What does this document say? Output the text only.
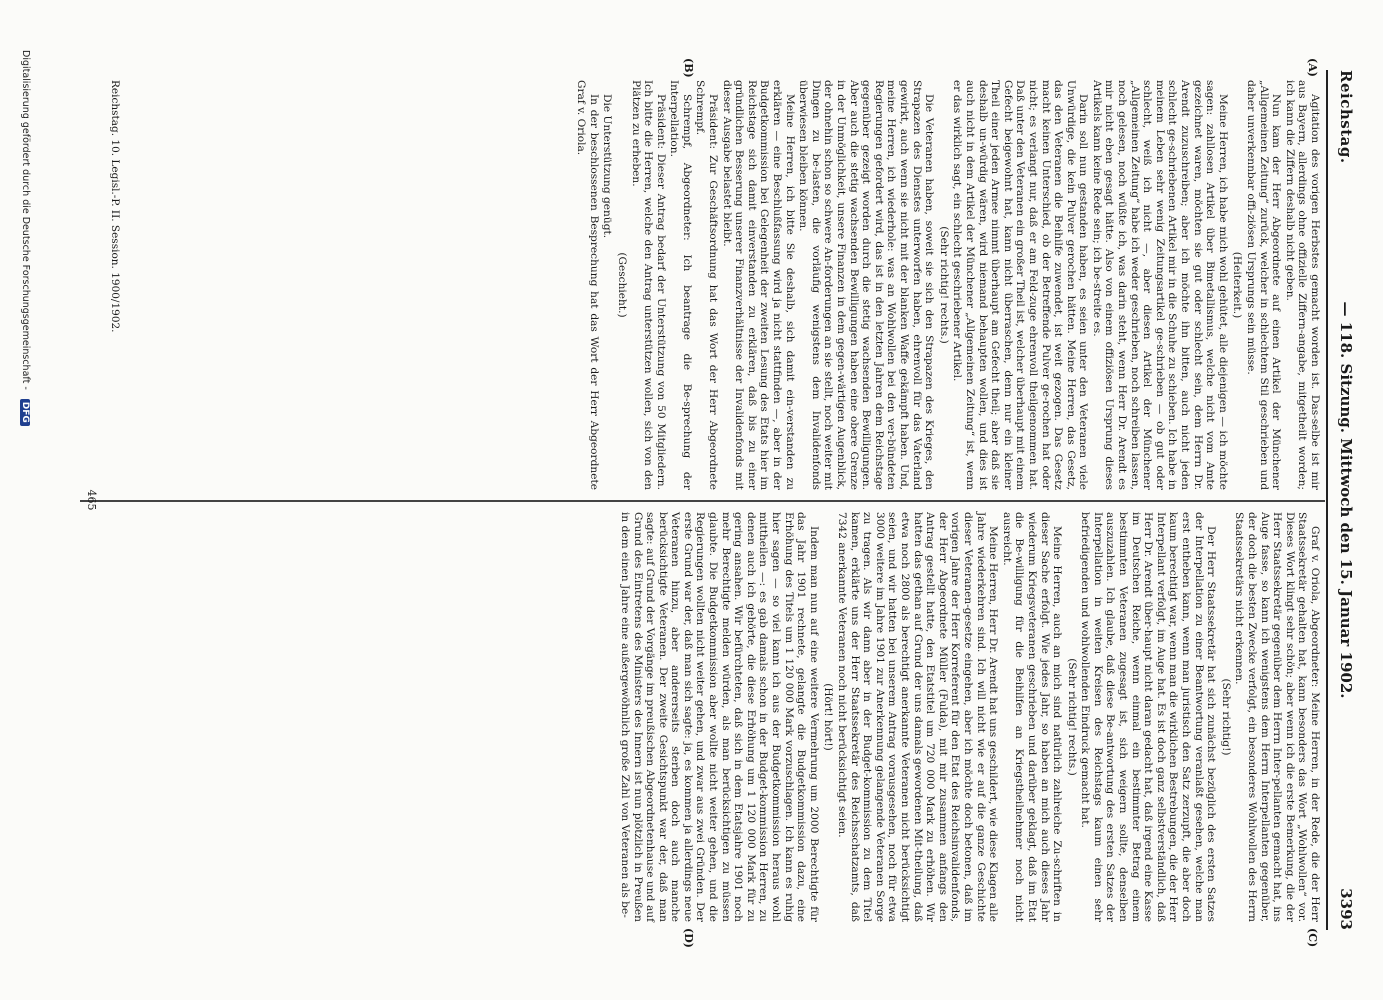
Reichstag.
— 118. Sitzung. Mittwoch den 15. Januar 1902.
3393
(A)
(B)
(C)
(D)

Agitation des vorigen Herbstes gemacht worden ist. Das-selbe ist mir aus Bayern, allerdings ohne offizielle Ziffern-angabe, mitgetheilt worden; ich kann die Ziffern deshalb nicht geben.

Nun kam der Herr Abgeordnete auf einen Artikel der Münchener „Allgemeinen Zeitung“ zurück, welcher in schlechtem Stil geschrieben und daher unverkennbar offi-ziösen Ursprungs sein müsse.

(Heiterkeit.)

Meine Herren, ich habe mich wohl gehütet, alle diejenigen — ich möchte sagen: zahllosen Artikel über Bimetallismus, welche nicht vom Amte gezeichnet waren, möchten sie gut oder schlecht sein, dem Herrn Dr. Arendt zuzuschreiben; aber ich möchte ihn bitten, auch nicht jeden schlecht ge-schriebenen Artikel mir in die Schuhe zu schieben. Ich habe in meinem Leben sehr wenig Zeitungsartikel ge-schrieben — ob gut oder schlecht, weiß ich nicht —, aber diesen Artikel der Münchener „Allgemeinen Zeitung“ habe ich weder geschrieben, noch schreiben lassen, noch gelesen, noch wüßte ich, was darin steht, wenn Herr Dr. Arendt es mir nicht eben gesagt hätte. Also von einem offiziösen Ursprung dieses Artikels kann keine Rede sein; ich be-streite es.

Darin soll nun gestanden haben, es seien unter den Veteranen viele Unwürdige, die kein Pulver gerochen hätten. Meine Herren, das Gesetz, das den Veteranen die Beihilfe zuwendet, ist weit gezogen. Das Gesetz macht keinen Unterschied, ob der Betreffende Pulver ge-rochen hat oder nicht; es verlangt nur, daß er am Feld-zuge ehrenvoll theilgenommen hat. Daß unter den Veteranen ein großer Theil ist, welcher überhaupt mit einem Gefecht beigewohnt hat, kann nicht überraschen, denn nur ein kleiner Theil einer jeden Armee nimmt überhaupt am Gefecht theil; aber daß sie deshalb un-würdig wären, wird niemand behaupten wollen, und dies ist auch nicht in dem Artikel der Münchener „Allgemeinen Zeitung“ ist, wenn er das wirklich sagt, ein schlecht geschriebener Artikel.

(Sehr richtig! rechts.)

Die Veteranen haben, soweit sie sich den Strapazen des Krieges, den Strapazen des Dienstes unterworfen haben, ehrenvoll für das Vaterland gewirkt, auch wenn sie nicht mit der blanken Waffe gekämpft haben. Und, meine Herren, ich wiederhole: was an Wohlwollen bei den ver-bündeten Regierungen gefordert wird, das ist in den letzten Jahren dem Reichstage gegenüber gezeigt worden durch die stetig wachsenden Bewilligungen. Aber auch die stetig wachsenden Bewilligungen haben eine obere Grenze in der Unmöglichkeit, unsere Finanzen in dem gegen-wärtigen Augenblick, der ohnehin schon so schwere An-forderungen an sie stellt, noch weiter mit Dingen zu be-lasten, die vorläufig wenigstens dem Invalidenfonds überwiesen bleiben können.

Meine Herren, ich bitte Sie deshalb, sich damit ein-verstanden zu erklären — eine Beschlußfassung wird ja nicht stattfinden —, aber in der Budgetkommission bei Gelegenheit der zweiten Lesung des Etats hier im Reichstage sich damit einverstanden zu erklären, daß bis zu einer gründlichen Besserung unserer Finanzverhältnisse der Invalidenfonds mit dieser Ausgabe belastet bleibt.

Präsident: Zur Geschäftsordnung hat das Wort der Herr Abgeordnete Schrempf.

Schrempf, Abgeordneter: Ich beantrage die Be-sprechung der Interpellation.

Präsident: Dieser Antrag bedarf der Unterstützung von 50 Mitgliedern. Ich bitte die Herren, welche den Antrag unterstützen wollen, sich von den Plätzen zu erheben.

(Geschieht.)

Die Unterstützung genügt.

In der beschlossenen Besprechung hat das Wort der Herr Abgeordnete Graf v. Oriola.

Graf v. Oriola, Abgeordneter: Meine Herren, in der Rede, die der Herr Staatssekretär gehalten hat, kann besonders das Wort „Wohlwollen“ vor. Dieses Wort klingt sehr schön; aber wenn ich die erste Bemerkung, die der Herr Staatssekretär gegenüber dem Herrn Inter-pellanten gemacht hat, ins Auge fasse, so kann ich wenigstens dem Herrn Interpellanten gegenüber, der doch die besten Zwecke verfolgt, ein besonderes Wohlwollen des Herrn Staatssekretärs nicht erkennen.

(Sehr richtig!)

Der Herr Staatssekretär hat sich zunächst bezüglich des ersten Satzes der Interpellation zu einer Beantwortung veranlaßt gesehen, welche man erst entheben kann, wenn man juristisch den Satz zerzupft, die aber doch kaum berechtigt war, wenn man die wirklichen Bestrebungen, die der Herr Interpellant verfolgt, im Auge hat. Es ist doch ganz selbstverständlich, daß Herr Dr. Arendt über-haupt nicht daran gedacht hat, daß irgend eine Kasse im Deutschen Reiche, wenn einmal ein bestimmter Betrag einem bestimmten Veteranen zugesagt ist, sich weigern sollte, denselben auszuzahlen. Ich glaube, daß diese Be-antwortung des ersten Satzes der Interpellation in weiten Kreisen des Reichstags kaum einen sehr befriedigenden und wohlwollenden Eindruck gemacht hat.

(Sehr richtig! rechts.)

Meine Herren, auch an mich sind natürlich zahlreiche Zu-schriften in dieser Sache erfolgt. Wie jedes Jahr, so haben an mich auch dieses Jahr wiederum Kriegsveteranen geschrieben und darüber geklagt, daß im Etat die Be-willigung für die Beihilfen an Kriegstheilnehmer noch nicht ausreicht.

Meine Herren, Herr Dr. Arendt hat uns geschildert, wie diese Klagen alle Jahre wiederkehren sind. Ich will nicht wie er auf die ganze Geschichte dieser Veteranen-gesetze eingehen, aber ich möchte doch betonen, daß im vorigen Jahre der Herr Korreferent für den Etat des Reichsinvalidenfonds, der Herr Abgeordnete Müller (Fulda), mit mir zusammen anfangs den Antrag gestellt hatte, den Etatstitel um 720 000 Mark zu erhöhen. Wir hatten das gethan auf Grund der uns damals gewordenen Mit-theilung, daß etwa noch 2800 als berechtigt anerkannte Veteranen nicht berücksichtigt seien, und wir hatten bei unserem Antrag vorausgesehen, noch für etwa 3000 weitere im Jahre 1901 zur Anerkennung gelangende Veteranen Sorge zu tragen. Als wir dann aber in der Budget-kommission zu dem Titel kamen, erklärte uns der Herr Staatssekretär des Reichsschatzamts, daß 7342 anerkannte Veteranen noch nicht berücksichtigt seien.

(Hört! hört!)

Indem man nun auf eine weitere Vermehrung um 2000 Berechtigte für das Jahr 1901 rechnete, gelangte die Budgetkommission dazu, eine Erhöhung des Titels um 1 120 000 Mark vorzuschlagen. Ich kann es ruhig hier sagen — so viel kann ich aus der Budgetkommission heraus wohl mittheilen —: es gab damals schon in der Budget-kommission Herren, zu denen auch ich gehörte, die diese Erhöhung um 1 120 000 Mark für zu gering ansahen. Wir befürchteten, daß sich in dem Etatsjahre 1901 noch mehr Berechtigte melden würden, als man berücksichtigen zu müssen glaubte. Die Budgetkommission aber wollte nicht weiter gehen, und die Regierungen wollten nicht weiter gehen, und zwar aus zwei Gründen. Der erste Grund war der, daß man sich sagte: ja, es kommen ja allerdings neue Veteranen hinzu, aber andererseits sterben doch auch manche berücksichtigte Veteranen. Der zweite Gesichtspunkt war der, daß man sagte: auf Grund der Vorgänge im preußischen Abgeordnetenhause und auf Grund des Eintretens des Ministers des Innern ist nun plötzlich in Preußen in dem einen Jahre eine außergewöhnlich große Zahl von Veteranen als be-

Reichstag. 10. Legisl.-P. II. Session. 1900/1902.
465
Digitalisierung gefördert durch die Deutsche Forschungsgemeinschaft - DFG
